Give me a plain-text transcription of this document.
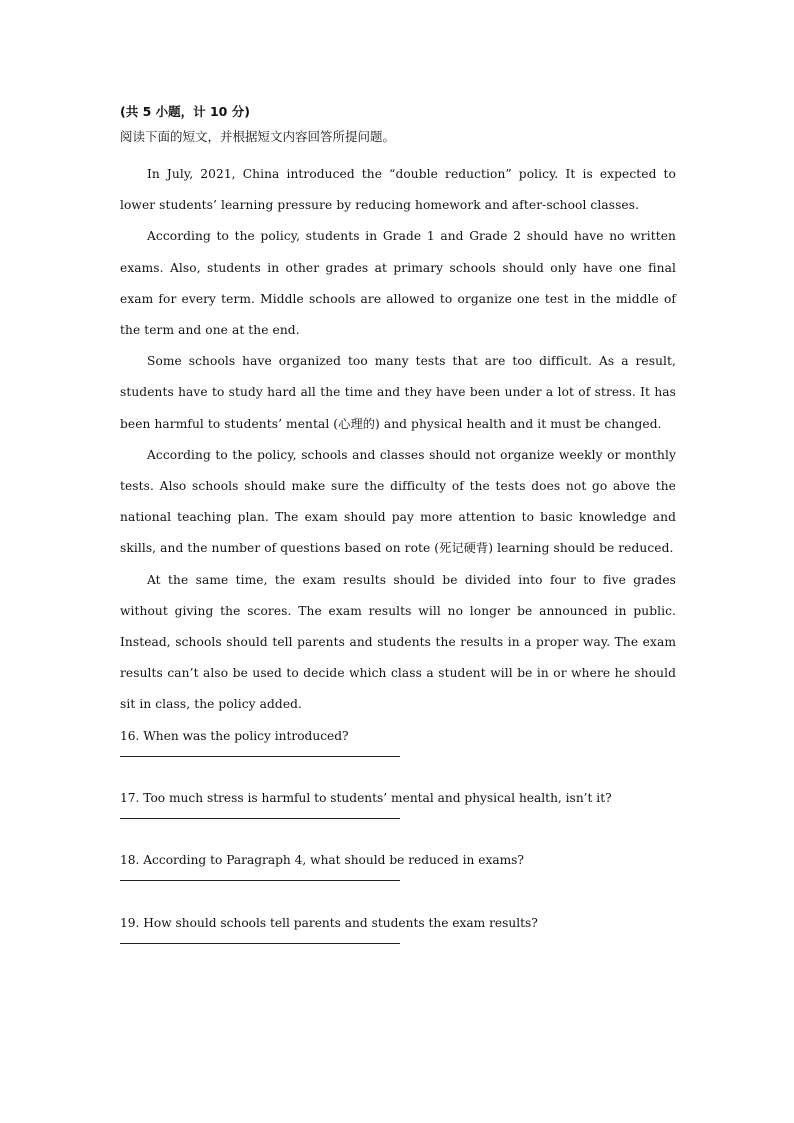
(共 5 小题，计 10 分)
阅读下面的短文，并根据短文内容回答所提问题。

In July, 2021, China introduced the “double reduction” policy. It is expected to lower students’ learning pressure by reducing homework and after-school classes.

According to the policy, students in Grade 1 and Grade 2 should have no written exams. Also, students in other grades at primary schools should only have one final exam for every term. Middle schools are allowed to organize one test in the middle of the term and one at the end.

Some schools have organized too many tests that are too difficult. As a result, students have to study hard all the time and they have been under a lot of stress. It has been harmful to students’ mental (心理的) and physical health and it must be changed.

According to the policy, schools and classes should not organize weekly or monthly tests. Also schools should make sure the difficulty of the tests does not go above the national teaching plan. The exam should pay more attention to basic knowledge and skills, and the number of questions based on rote (死记硬背) learning should be reduced.

At the same time, the exam results should be divided into four to five grades without giving the scores. The exam results will no longer be announced in public. Instead, schools should tell parents and students the results in a proper way. The exam results can’t also be used to decide which class a student will be in or where he should sit in class, the policy added.

16. When was the policy introduced?

17. Too much stress is harmful to students’ mental and physical health, isn’t it?

18. According to Paragraph 4, what should be reduced in exams?

19. How should schools tell parents and students the exam results?
